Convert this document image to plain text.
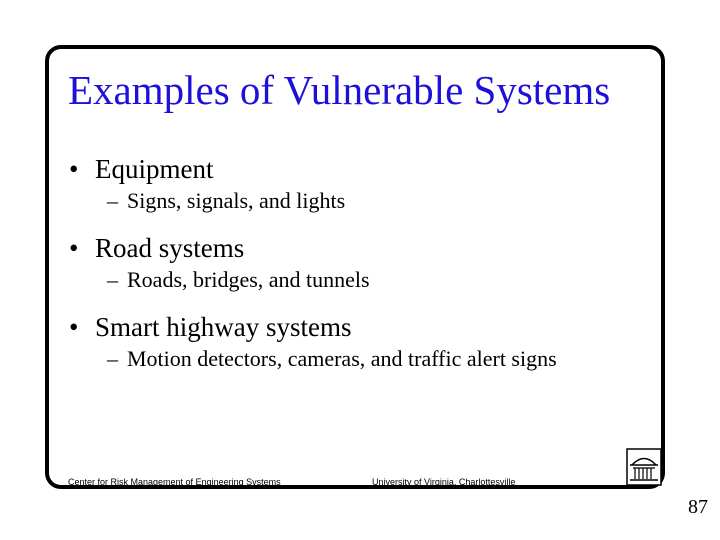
Examples of Vulnerable Systems
• Equipment
– Signs, signals, and lights
• Road systems
– Roads, bridges, and tunnels
• Smart highway systems
– Motion detectors, cameras, and traffic alert signs
Center for Risk Management of Engineering Systems	University of Virginia, Charlottesville
87
